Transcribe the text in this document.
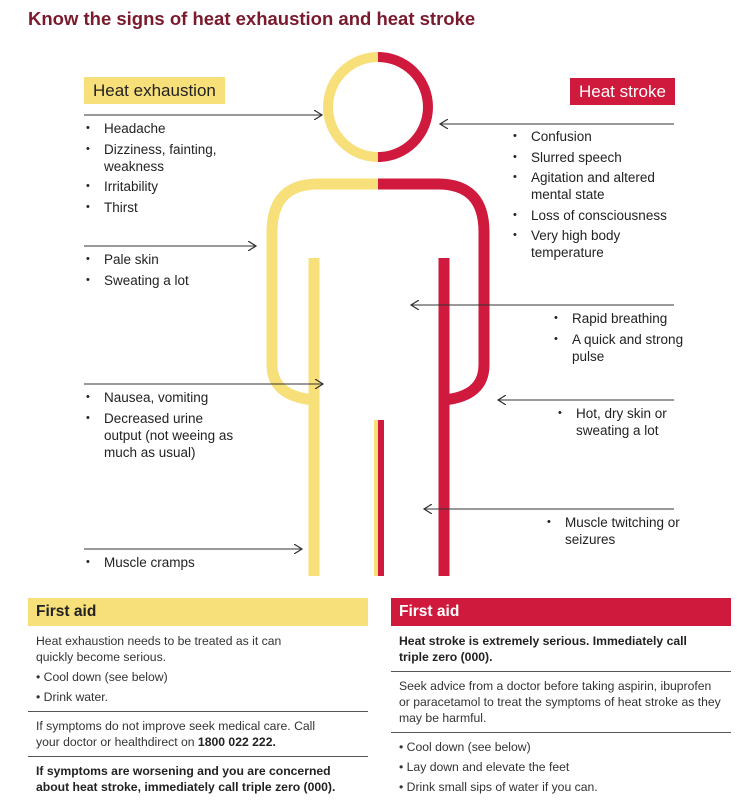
Know the signs of heat exhaustion and heat stroke
Heat exhaustion	Heat stroke
• Headache
• Dizziness, fainting, weakness
• Irritability
• Thirst
• Pale skin
• Sweating a lot
• Nausea, vomiting
• Decreased urine output (not weeing as much as usual)
• Muscle cramps
• Confusion
• Slurred speech
• Agitation and altered mental state
• Loss of consciousness
• Very high body temperature
• Rapid breathing
• A quick and strong pulse
• Hot, dry skin or sweating a lot
• Muscle twitching or seizures
First aid

Heat exhaustion needs to be treated as it can quickly become serious.

• Cool down (see below)

• Drink water.

If symptoms do not improve seek medical care. Call your doctor or healthdirect on 1800 022 222.

If symptoms are worsening and you are concerned about heat stroke, immediately call triple zero (000).

First aid

Heat stroke is extremely serious. Immediately call triple zero (000).

Seek advice from a doctor before taking aspirin, ibuprofen or paracetamol to treat the symptoms of heat stroke as they may be harmful.

• Cool down (see below)

• Lay down and elevate the feet

• Drink small sips of water if you can.
